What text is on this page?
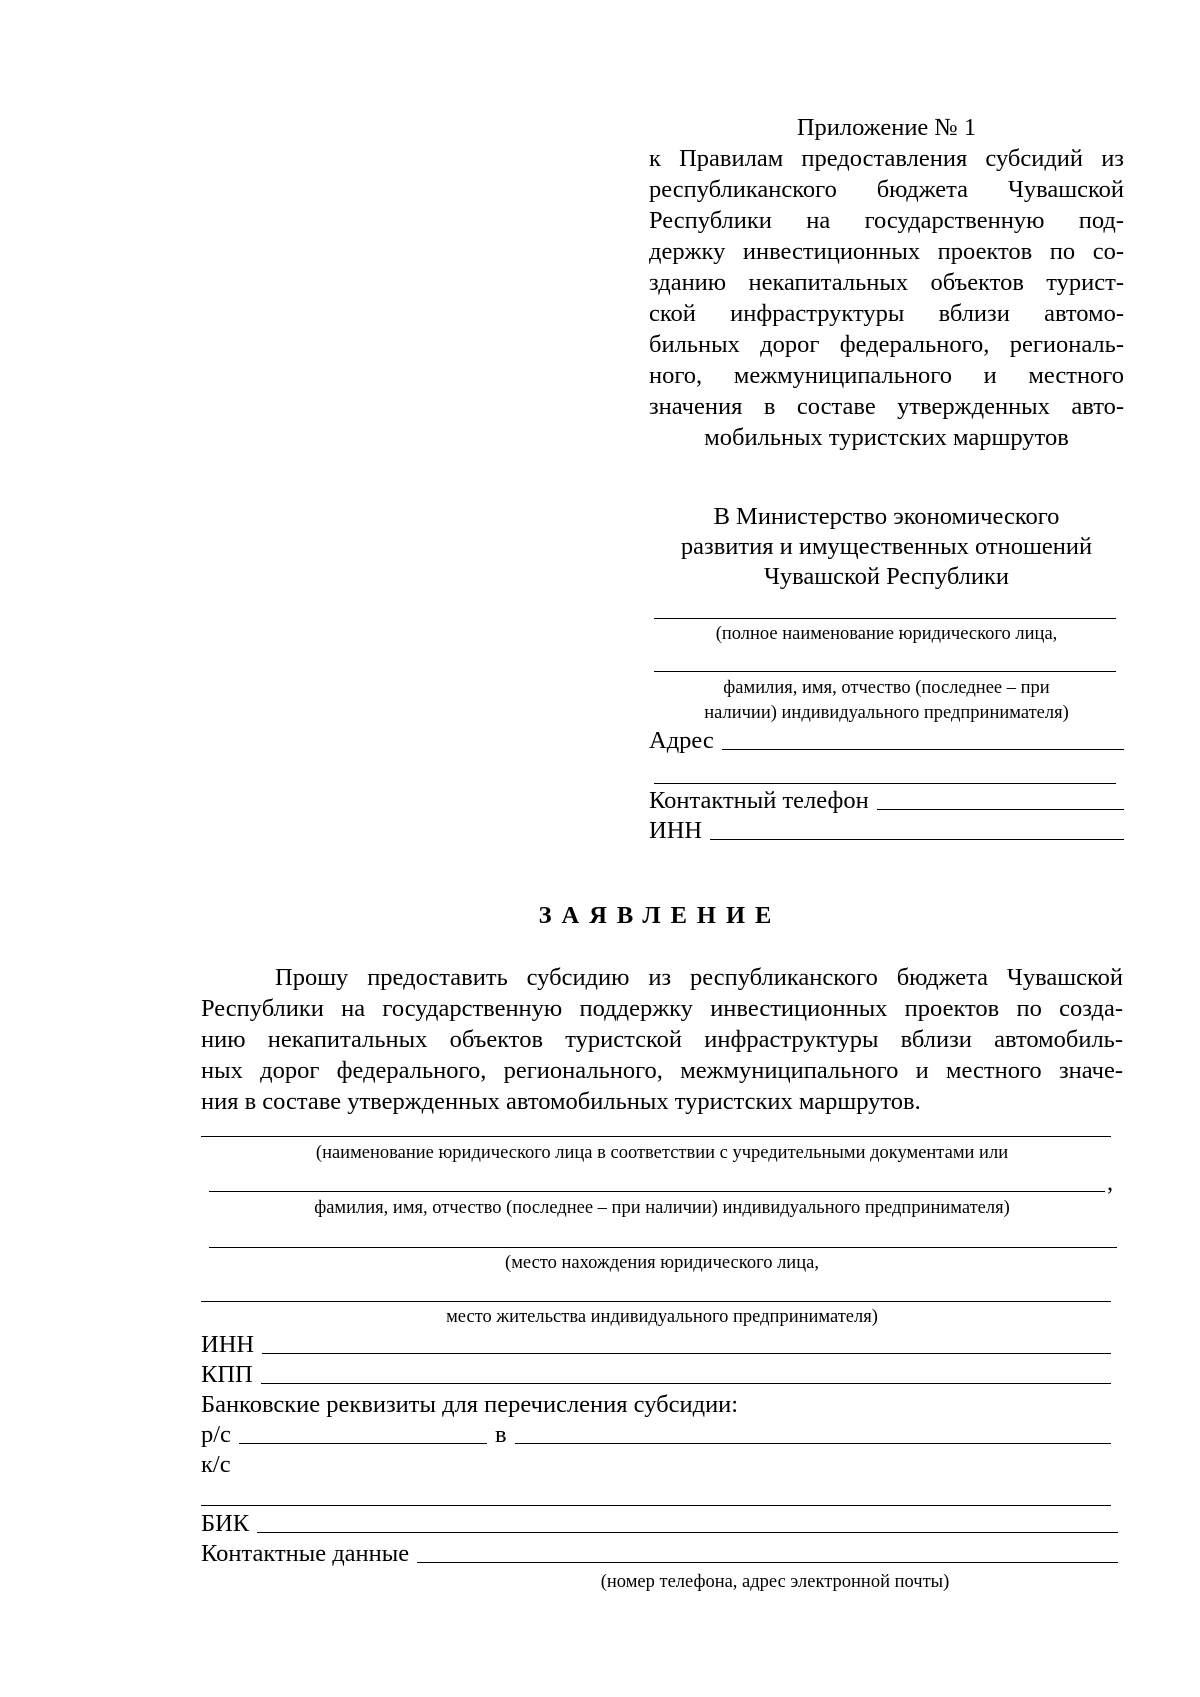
Приложение № 1
к Правилам предоставления субсидий из
республиканского бюджета Чувашской
Республики на государственную под-
держку инвестиционных проектов по со-
зданию некапитальных объектов турист-
ской инфраструктуры вблизи автомо-
бильных дорог федерального, региональ-
ного, межмуниципального и местного
значения в составе утвержденных авто-
мобильных туристских маршрутов
В Министерство экономического
развития и имущественных отношений
Чувашской Республики
(полное наименование юридического лица,
фамилия, имя, отчество (последнее – при
наличии) индивидуального предпринимателя)
Адрес
Контактный телефон
ИНН
ЗАЯВЛЕНИЕ
Прошу предоставить субсидию из республиканского бюджета Чувашской
Республики на государственную поддержку инвестиционных проектов по созда-
нию некапитальных объектов туристской инфраструктуры вблизи автомобиль-
ных дорог федерального, регионального, межмуниципального и местного значе-
ния в составе утвержденных автомобильных туристских маршрутов.
(наименование юридического лица в соответствии с учредительными документами или
,
фамилия, имя, отчество (последнее – при наличии) индивидуального предпринимателя)
(место нахождения юридического лица,
место жительства индивидуального предпринимателя)
ИНН
КПП
Банковские реквизиты для перечисления субсидии:
р/с	в
к/с
БИК
Контактные данные
(номер телефона, адрес электронной почты)
